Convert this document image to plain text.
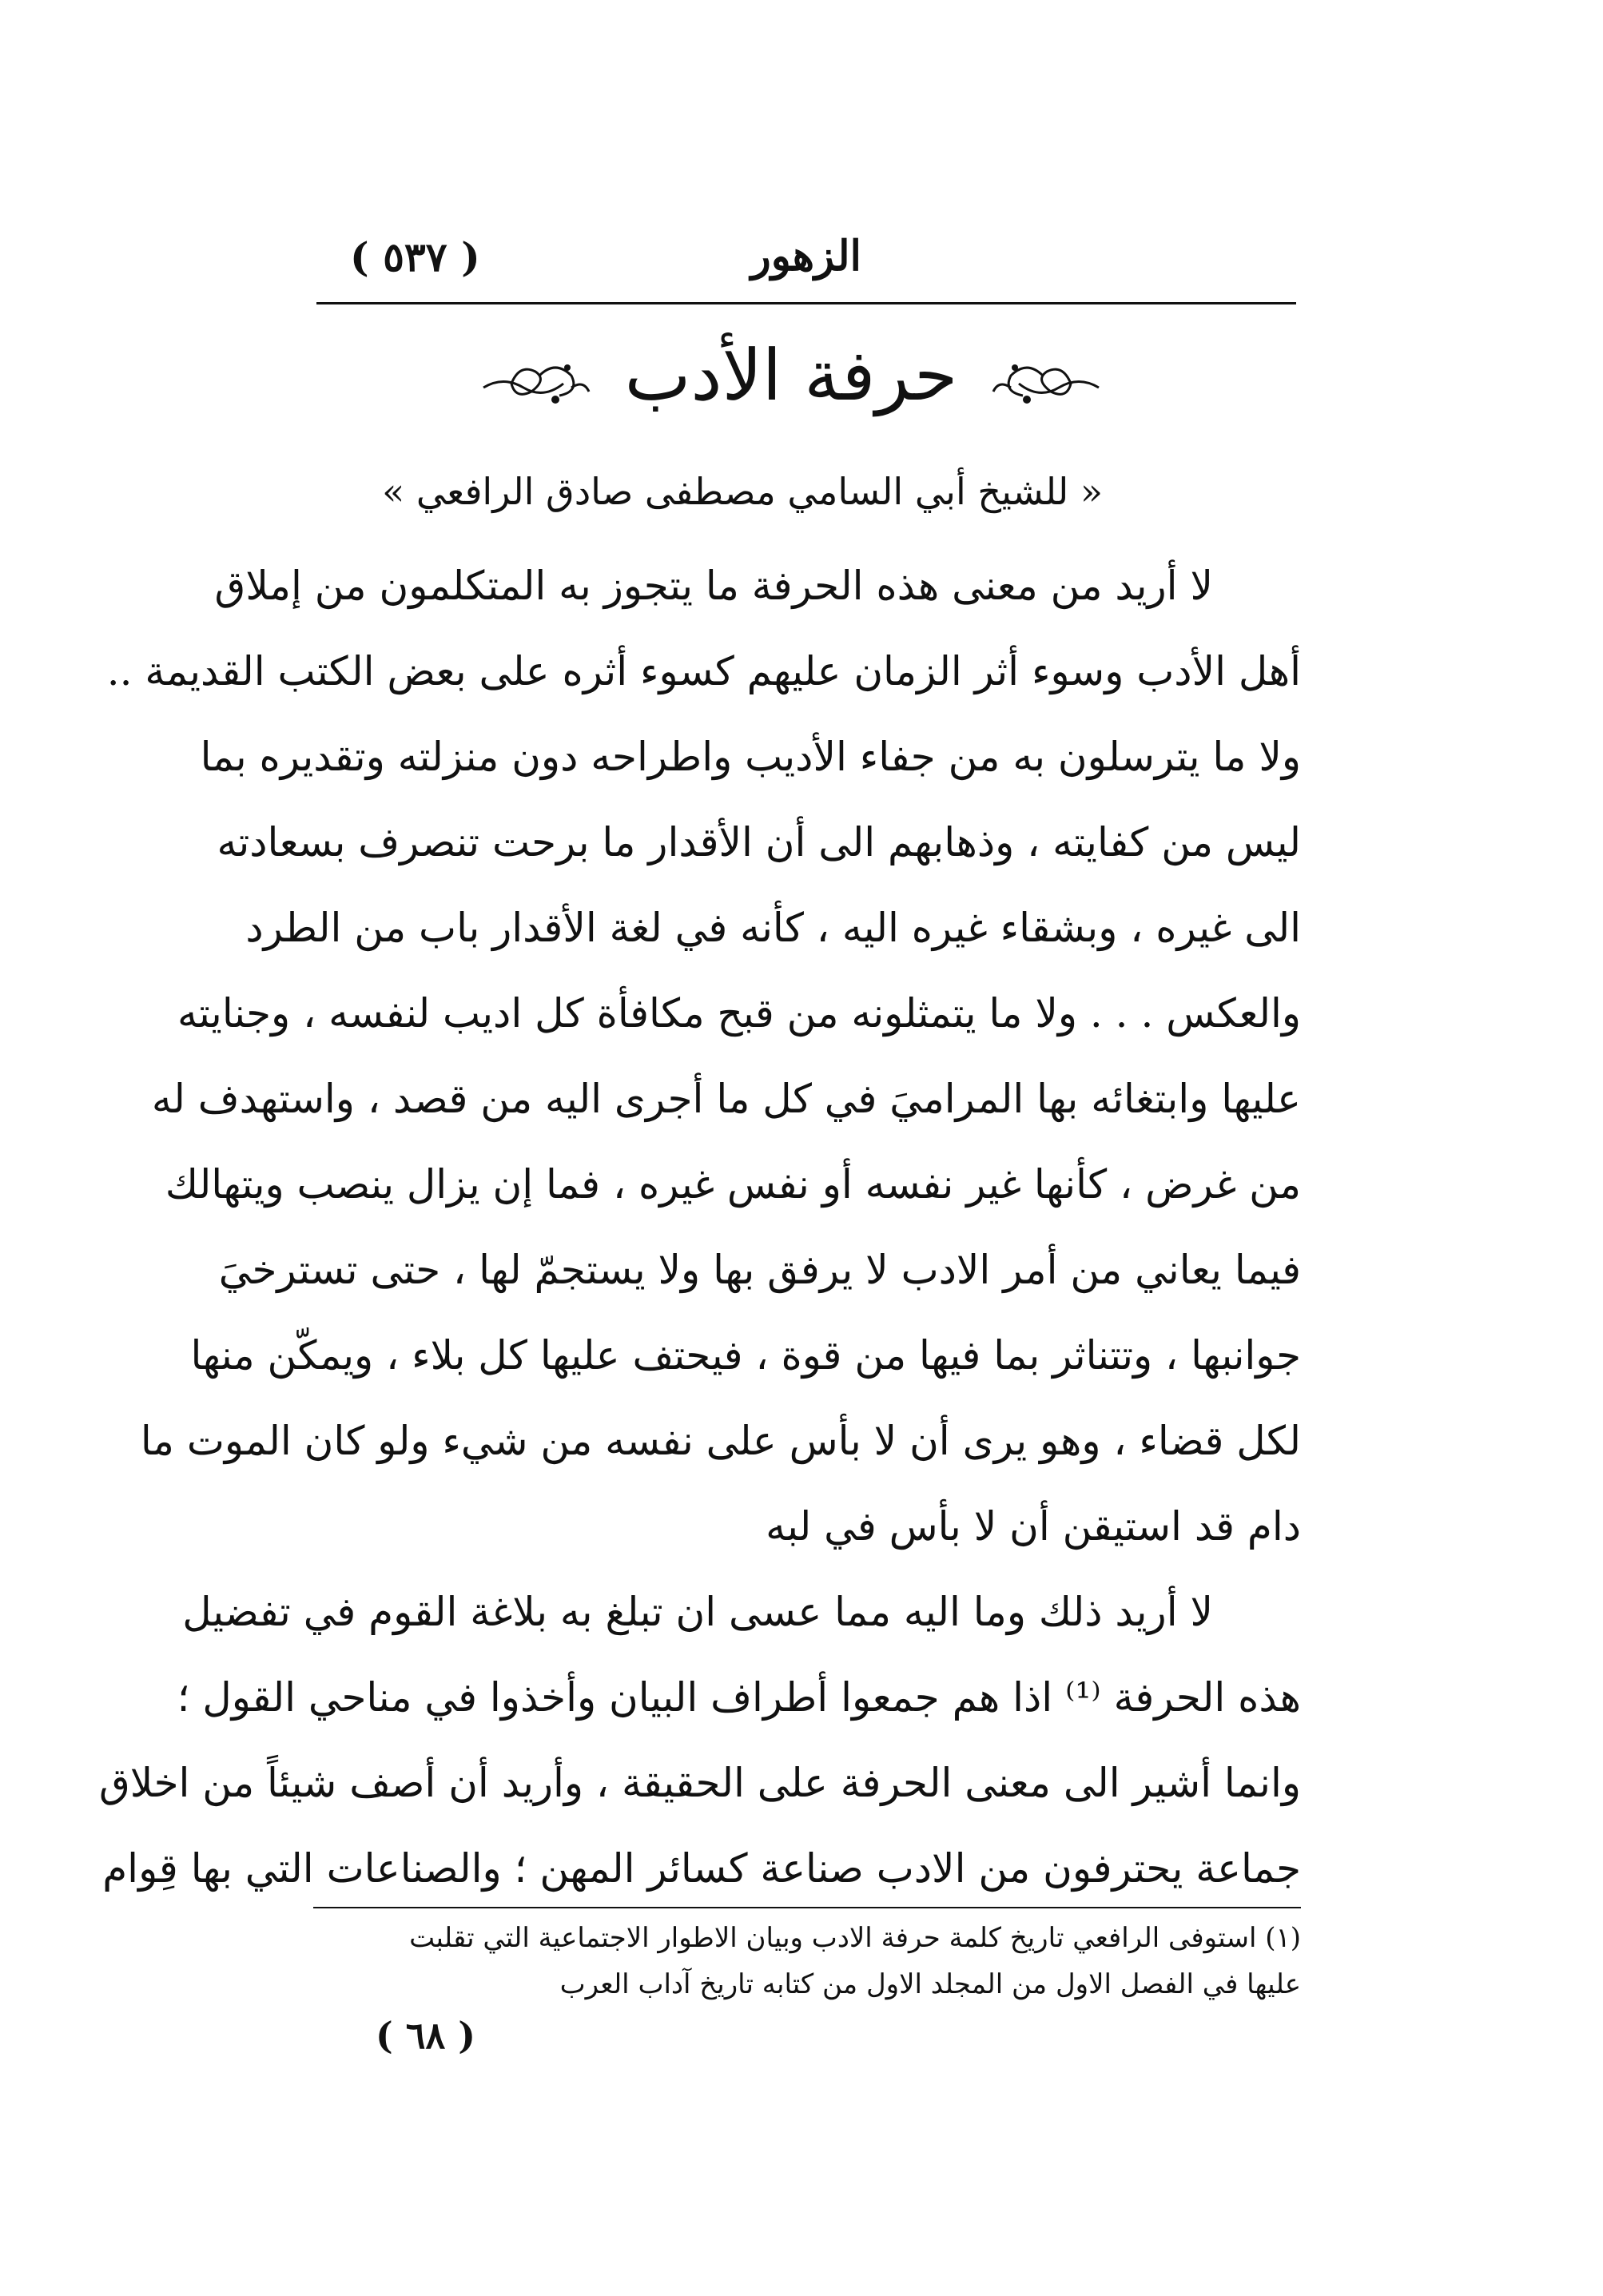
الزهور
( ٥٣٧ )
حرفة الأدب
« للشيخ أبي السامي مصطفى صادق الرافعي »
لا أريد من معنى هذه الحرفة ما يتجوز به المتكلمون من إملاق
أهل الأدب وسوء أثر الزمان عليهم كسوء أثره على بعض الكتب القديمة ..
ولا ما يترسلون به من جفاء الأديب واطراحه دون منزلته وتقديره بما
ليس من كفايته ، وذهابهم الى أن الأقدار ما برحت تنصرف بسعادته
الى غيره ، وبشقاء غيره اليه ، كأنه في لغة الأقدار باب من الطرد
والعكس . . . ولا ما يتمثلونه من قبح مكافأة كل اديب لنفسه ، وجنايته
عليها وابتغائه بها المراميَ في كل ما أجرى اليه من قصد ، واستهدف له
من غرض ، كأنها غير نفسه أو نفس غيره ، فما إن يزال ينصب ويتهالك
فيما يعاني من أمر الادب لا يرفق بها ولا يستجمّ لها ، حتى تسترخيَ
جوانبها ، وتتناثر بما فيها من قوة ، فيحتف عليها كل بلاء ، ويمكّن منها
لكل قضاء ، وهو يرى أن لا بأس على نفسه من شيء ولو كان الموت ما
دام قد استيقن أن لا بأس في لبه
لا أريد ذلك وما اليه مما عسى ان تبلغ به بلاغة القوم في تفضيل
هذه الحرفة ⁽¹⁾ اذا هم جمعوا أطراف البيان وأخذوا في مناحي القول ؛
وانما أشير الى معنى الحرفة على الحقيقة ، وأريد أن أصف شيئاً من اخلاق
جماعة يحترفون من الادب صناعة كسائر المهن ؛ والصناعات التي بها قِوام
(١) استوفى الرافعي تاريخ كلمة حرفة الادب وبيان الاطوار الاجتماعية التي تقلبت
عليها في الفصل الاول من المجلد الاول من كتابه تاريخ آداب العرب
( ٦٨ )
